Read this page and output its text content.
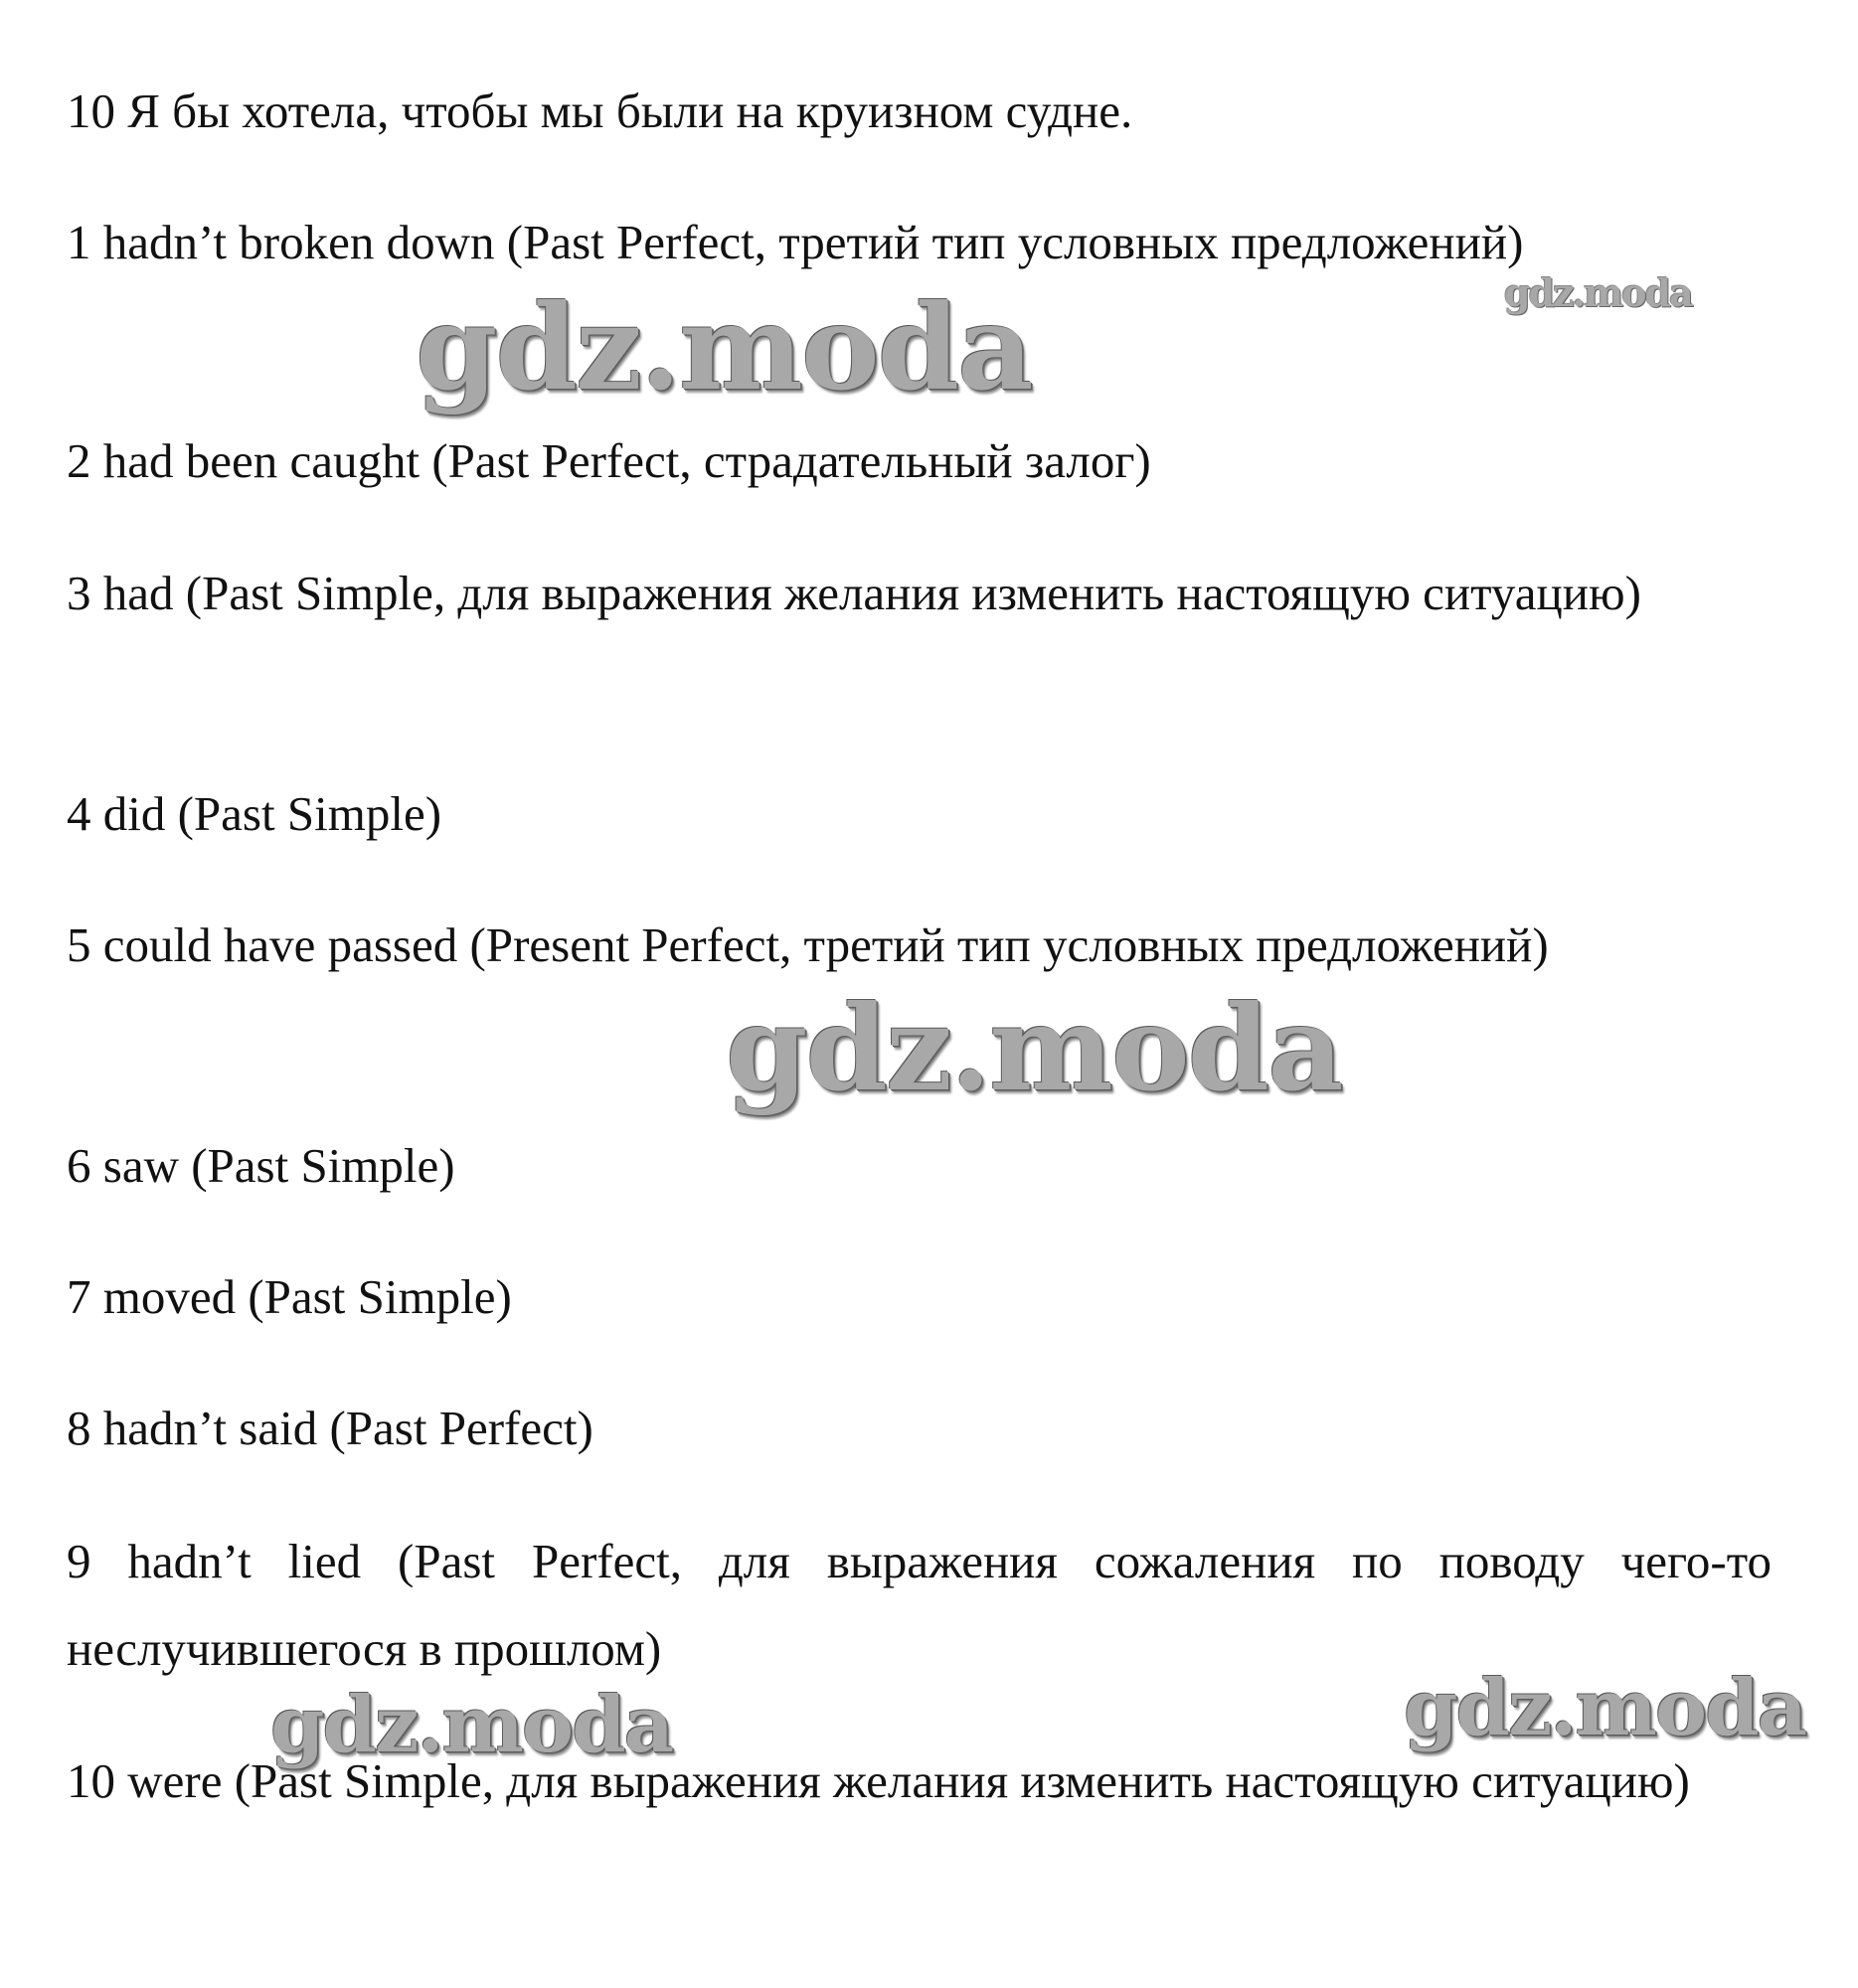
10 Я бы хотела, чтобы мы были на круизном судне.

1 hadn’t broken down (Past Perfect, третий тип условных предложений)

2 had been caught (Past Perfect, страдательный залог)

3 had (Past Simple, для выражения желания изменить настоящую ситуацию)

4 did (Past Simple)

5 could have passed (Present Perfect, третий тип условных предложений)

6 saw (Past Simple)

7 moved (Past Simple)

8 hadn’t said (Past Perfect)

9 hadn’t lied (Past Perfect, для выражения сожаления по поводу чего-то неслучившегося в прошлом)

10 were (Past Simple, для выражения желания изменить настоящую ситуацию)

gdz.moda
gdz.moda
gdz.moda
gdz.moda	gdz.moda
